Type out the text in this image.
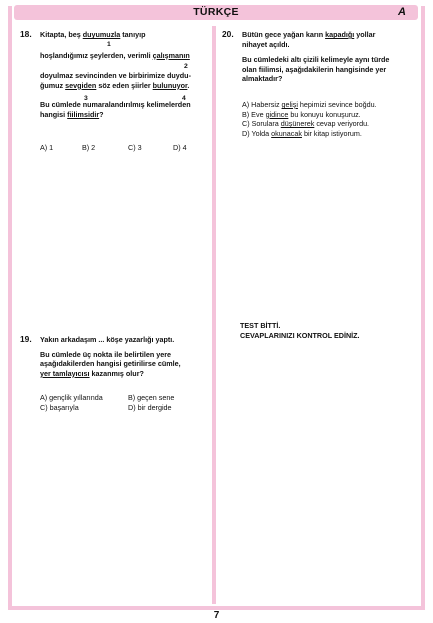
TÜRKÇE	A
18. Kitapta, beş duyumuzla tanıyıp
1
hoşlandığımız şeylerden, verimli çalışmanın
2
doyulmaz sevincinden ve birbirimize duydu-
ğumuz sevgiden söz eden şiirler bulunuyor.
3	4
Bu cümlede numaralandırılmış kelimelerden
hangisi fiilimsidir?
A) 1	B) 2	C) 3	D) 4
19. Yakın arkadaşım ... köşe yazarlığı yaptı.
Bu cümlede üç nokta ile belirtilen yere
aşağıdakilerden hangisi getirilirse cümle,
yer tamlayıcısı kazanmış olur?
A) gençlik yıllarında	B) geçen sene
C) başarıyla	D) bir dergide
20. Bütün gece yağan karın kapadığı yollar
nihayet açıldı.
Bu cümledeki altı çizili kelimeyle aynı türde
olan fiilimsi, aşağıdakilerin hangisinde yer
almaktadır?
A) Habersiz gelişi hepimizi sevince boğdu.
B) Eve gidince bu konuyu konuşuruz.
C) Sorulara düşünerek cevap veriyordu.
D) Yolda okunacak bir kitap istiyorum.
TEST BİTTİ.
CEVAPLARINIZI KONTROL EDİNİZ.
7
